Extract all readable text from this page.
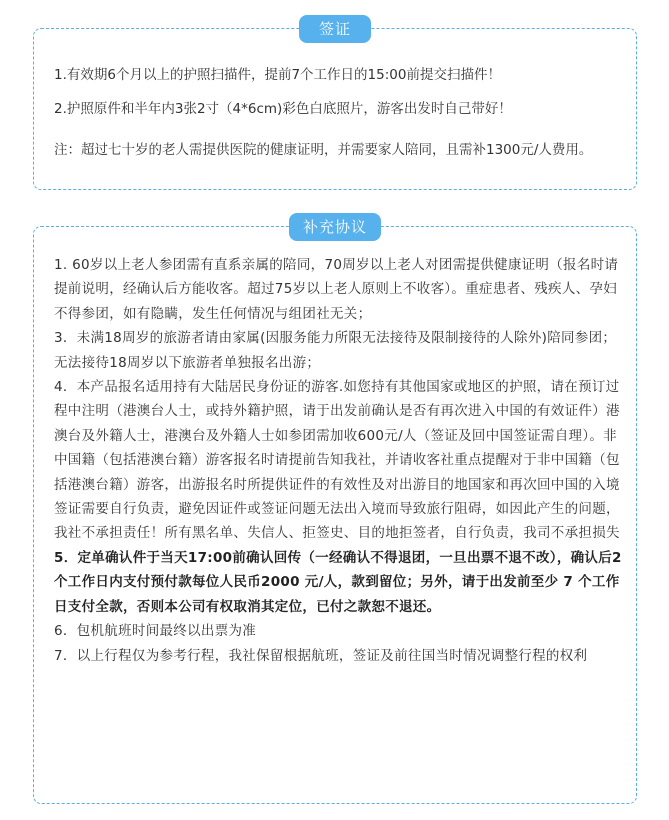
签证
1.有效期6个月以上的护照扫描件，提前7个工作日的15:00前提交扫描件！
2.护照原件和半年内3张2寸（4*6cm)彩色白底照片，游客出发时自己带好！
注：超过七十岁的老人需提供医院的健康证明，并需要家人陪同，且需补1300元/人费用。
补充协议
1. 60岁以上老人参团需有直系亲属的陪同，70周岁以上老人对团需提供健康证明（报名时请提前说明，经确认后方能收客。超过75岁以上老人原则上不收客）。重症患者、残疾人、孕妇不得参团，如有隐瞒，发生任何情况与组团社无关；
3．未满18周岁的旅游者请由家属(因服务能力所限无法接待及限制接待的人除外)陪同参团；无法接待18周岁以下旅游者单独报名出游；
4．本产品报名适用持有大陆居民身份证的游客.如您持有其他国家或地区的护照，请在预订过程中注明（港澳台人士，或持外籍护照，请于出发前确认是否有再次进入中国的有效证件）港澳台及外籍人士，港澳台及外籍人士如参团需加收600元/人（签证及回中国签证需自理）。非中国籍（包括港澳台籍）游客报名时请提前告知我社，并请收客社重点提醒对于非中国籍（包括港澳台籍）游客，出游报名时所提供证件的有效性及对出游目的地国家和再次回中国的入境签证需要自行负责，避免因证件或签证问题无法出入境而导致旅行阻碍，如因此产生的问题，我社不承担责任！所有黑名单、失信人、拒签史、目的地拒签者，自行负责，我司不承担损失
5．定单确认件于当天17:00前确认回传（一经确认不得退团，一旦出票不退不改），确认后2 个工作日内支付预付款每位人民币2000 元/人，款到留位；另外，请于出发前至少 7 个工作日支付全款，否则本公司有权取消其定位，已付之款恕不退还。
6．包机航班时间最终以出票为准
7．以上行程仅为参考行程，我社保留根据航班，签证及前往国当时情况调整行程的权利
